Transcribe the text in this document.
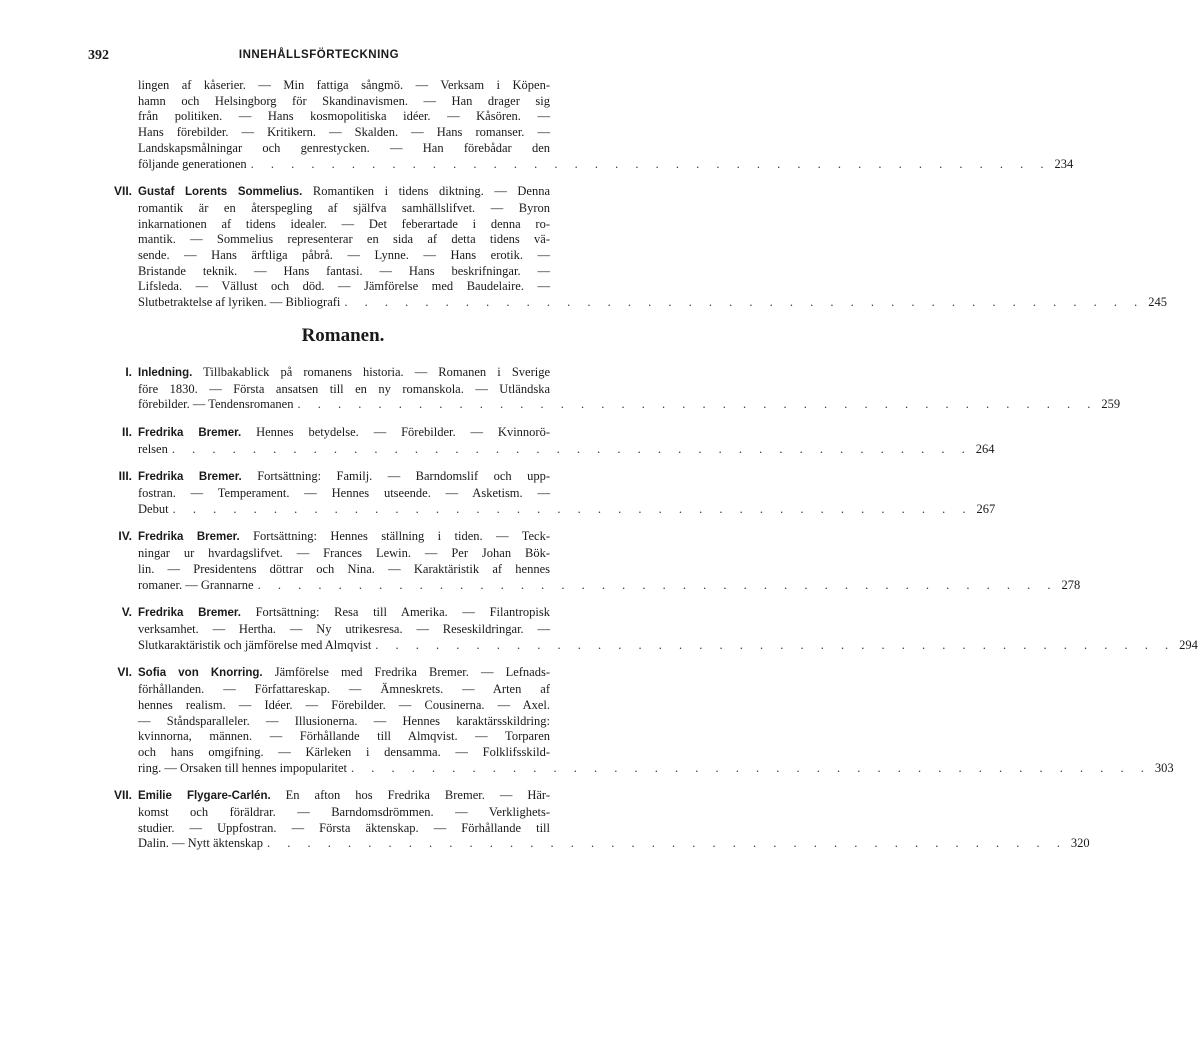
392	INNEHÅLLSFÖRTECKNING
lingen af kåserier. — Min fattiga sångmö. — Verksam i Köpen-
hamn och Helsingborg för Skandinavismen. — Han drager sig
från politiken. — Hans kosmopolitiska idéer. — Kåsören. —
Hans förebilder. — Kritikern. — Skalden. — Hans romanser. —
Landskapsmålningar och genrestycken. — Han förebådar den
följande generationen . . . . . . . . . . . . . . . . . . . . . . . . . . . . . . . . . . . . . . . . 234
VII. Gustaf Lorents Sommelius. Romantiken i tidens diktning. — Denna
romantik är en återspegling af själfva samhällslifvet. — Byron
inkarnationen af tidens idealer. — Det feberartade i denna ro-
mantik. — Sommelius representerar en sida af detta tidens vä-
sende. — Hans ärftliga påbrå. — Lynne. — Hans erotik. —
Bristande teknik. — Hans fantasi. — Hans beskrifningar. —
Lifsleda. — Vällust och död. — Jämförelse med Baudelaire. —
Slutbetraktelse af lyriken. — Bibliografi . . . . . . . . . . . . . . . . . . . . . . . . . . . . . . . . . . . . . . . . 245
Romanen.
I. Inledning. Tillbakablick på romanens historia. — Romanen i Sverige
före 1830. — Första ansatsen till en ny romanskola. — Utländska
förebilder. — Tendensromanen . . . . . . . . . . . . . . . . . . . . . . . . . . . . . . . . . . . . . . . . 259
II. Fredrika Bremer. Hennes betydelse. — Förebilder. — Kvinnorö-
relsen . . . . . . . . . . . . . . . . . . . . . . . . . . . . . . . . . . . . . . . . 264
III. Fredrika Bremer. Fortsättning: Familj. — Barndomslif och upp-
fostran. — Temperament. — Hennes utseende. — Asketism. —
Debut . . . . . . . . . . . . . . . . . . . . . . . . . . . . . . . . . . . . . . . . 267
IV. Fredrika Bremer. Fortsättning: Hennes ställning i tiden. — Teck-
ningar ur hvardagslifvet. — Frances Lewin. — Per Johan Bök-
lin. — Presidentens döttrar och Nina. — Karaktäristik af hennes
romaner. — Grannarne . . . . . . . . . . . . . . . . . . . . . . . . . . . . . . . . . . . . . . . . 278
V. Fredrika Bremer. Fortsättning: Resa till Amerika. — Filantropisk
verksamhet. — Hertha. — Ny utrikesresa. — Reseskildringar. —
Slutkaraktäristik och jämförelse med Almqvist . . . . . . . . . . . . . . . . . . . . . . . . . . . . . . . . . . . . . . . . 294
VI. Sofia von Knorring. Jämförelse med Fredrika Bremer. — Lefnads-
förhållanden. — Författareskap. — Ämneskrets. — Arten af
hennes realism. — Idéer. — Förebilder. — Cousinerna. — Axel.
— Ståndsparalleler. — Illusionerna. — Hennes karaktärsskildring:
kvinnorna, männen. — Förhållande till Almqvist. — Torparen
och hans omgifning. — Kärleken i densamma. — Folklifsskild-
ring. — Orsaken till hennes impopularitet . . . . . . . . . . . . . . . . . . . . . . . . . . . . . . . . . . . . . . . . 303
VII. Emilie Flygare-Carlén. En afton hos Fredrika Bremer. — Här-
komst och föräldrar. — Barndomsdrömmen. — Verklighets-
studier. — Uppfostran. — Första äktenskap. — Förhållande till
Dalin. — Nytt äktenskap . . . . . . . . . . . . . . . . . . . . . . . . . . . . . . . . . . . . . . . . 320
